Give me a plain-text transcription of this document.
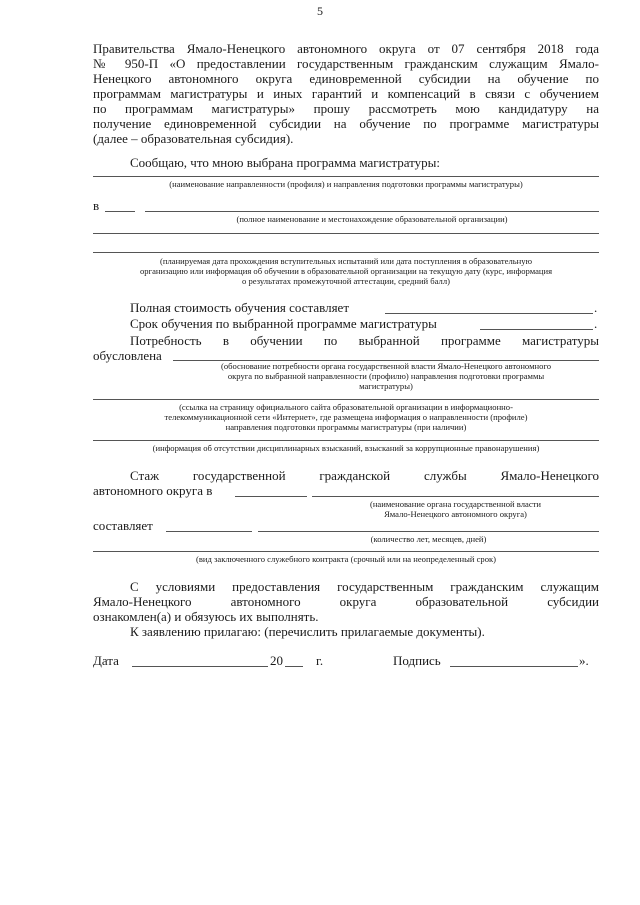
5
Правительства Ямало-Ненецкого автономного округа от 07 сентября 2018 года
№ 950-П «О предоставлении государственным гражданским служащим Ямало-
Ненецкого автономного округа единовременной субсидии на обучение по
программам магистратуры и иных гарантий и компенсаций в связи с обучением
по программам магистратуры» прошу рассмотреть мою кандидатуру на
получение единовременной субсидии на обучение по программе магистратуры
(далее – образовательная субсидия).
Сообщаю, что мною выбрана программа магистратуры:
(наименование направленности (профиля) и направления подготовки программы магистратуры)
в
(полное наименование и местонахождение образовательной организации)
(планируемая дата прохождения вступительных испытаний или дата поступления в образовательную
организацию или информация об обучении в образовательной организации на текущую дату (курс, информация
о результатах промежуточной аттестации, средний балл)
Полная стоимость обучения составляет	.
Срок обучения по выбранной программе магистратуры	.
Потребность в обучении по выбранной программе магистратуры
обусловлена
(обоснование потребности органа государственной власти Ямало-Ненецкого автономного
округа по выбранной направленности (профилю) направления подготовки программы
магистратуры)
(ссылка на страницу официального сайта образовательной организации в информационно-
телекоммуникационной сети «Интернет», где размещена информация о направленности (профиле)
направления подготовки программы магистратуры (при наличии)
(информация об отсутствии дисциплинарных взысканий, взысканий за коррупционные правонарушения)
Стаж государственной гражданской службы Ямало-Ненецкого
автономного округа в
(наименование органа государственной власти
Ямало-Ненецкого автономного округа)
составляет
(количество лет, месяцев, дней)
(вид заключенного служебного контракта (срочный или на неопределенный срок)
С условиями предоставления государственным гражданским служащим
Ямало-Ненецкого автономного округа образовательной субсидии
ознакомлен(а) и обязуюсь их выполнять.
К заявлению прилагаю: (перечислить прилагаемые документы).
Дата	20	г.	Подпись	».
